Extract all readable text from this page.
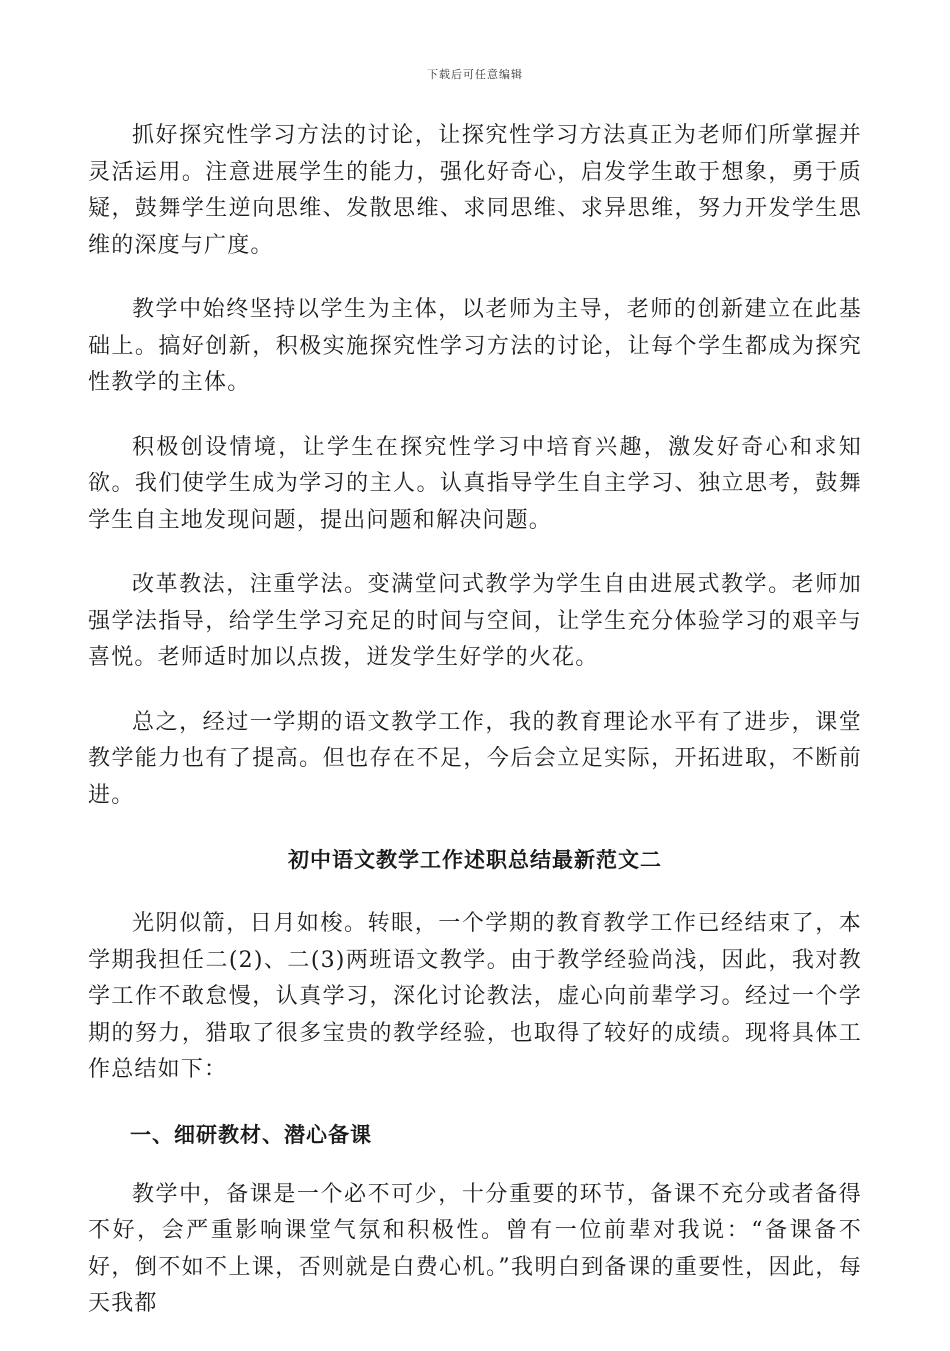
下载后可任意编辑

抓好探究性学习方法的讨论，让探究性学习方法真正为老师们所掌握并灵活运用。注意进展学生的能力，强化好奇心，启发学生敢于想象，勇于质疑，鼓舞学生逆向思维、发散思维、求同思维、求异思维，努力开发学生思维的深度与广度。

教学中始终坚持以学生为主体，以老师为主导，老师的创新建立在此基础上。搞好创新，积极实施探究性学习方法的讨论，让每个学生都成为探究性教学的主体。

积极创设情境，让学生在探究性学习中培育兴趣，激发好奇心和求知欲。我们使学生成为学习的主人。认真指导学生自主学习、独立思考，鼓舞学生自主地发现问题，提出问题和解决问题。

改革教法，注重学法。变满堂问式教学为学生自由进展式教学。老师加强学法指导，给学生学习充足的时间与空间，让学生充分体验学习的艰辛与喜悦。老师适时加以点拨，迸发学生好学的火花。

总之，经过一学期的语文教学工作，我的教育理论水平有了进步，课堂教学能力也有了提高。但也存在不足，今后会立足实际，开拓进取，不断前进。

初中语文教学工作述职总结最新范文二

光阴似箭，日月如梭。转眼，一个学期的教育教学工作已经结束了，本学期我担任二(2)、二(3)两班语文教学。由于教学经验尚浅，因此，我对教学工作不敢怠慢，认真学习，深化讨论教法，虚心向前辈学习。经过一个学期的努力，猎取了很多宝贵的教学经验，也取得了较好的成绩。现将具体工作总结如下：

一、细研教材、潜心备课

教学中，备课是一个必不可少，十分重要的环节，备课不充分或者备得不好，会严重影响课堂气氛和积极性。曾有一位前辈对我说：“备课备不好，倒不如不上课，否则就是白费心机。”我明白到备课的重要性，因此，每天我都
